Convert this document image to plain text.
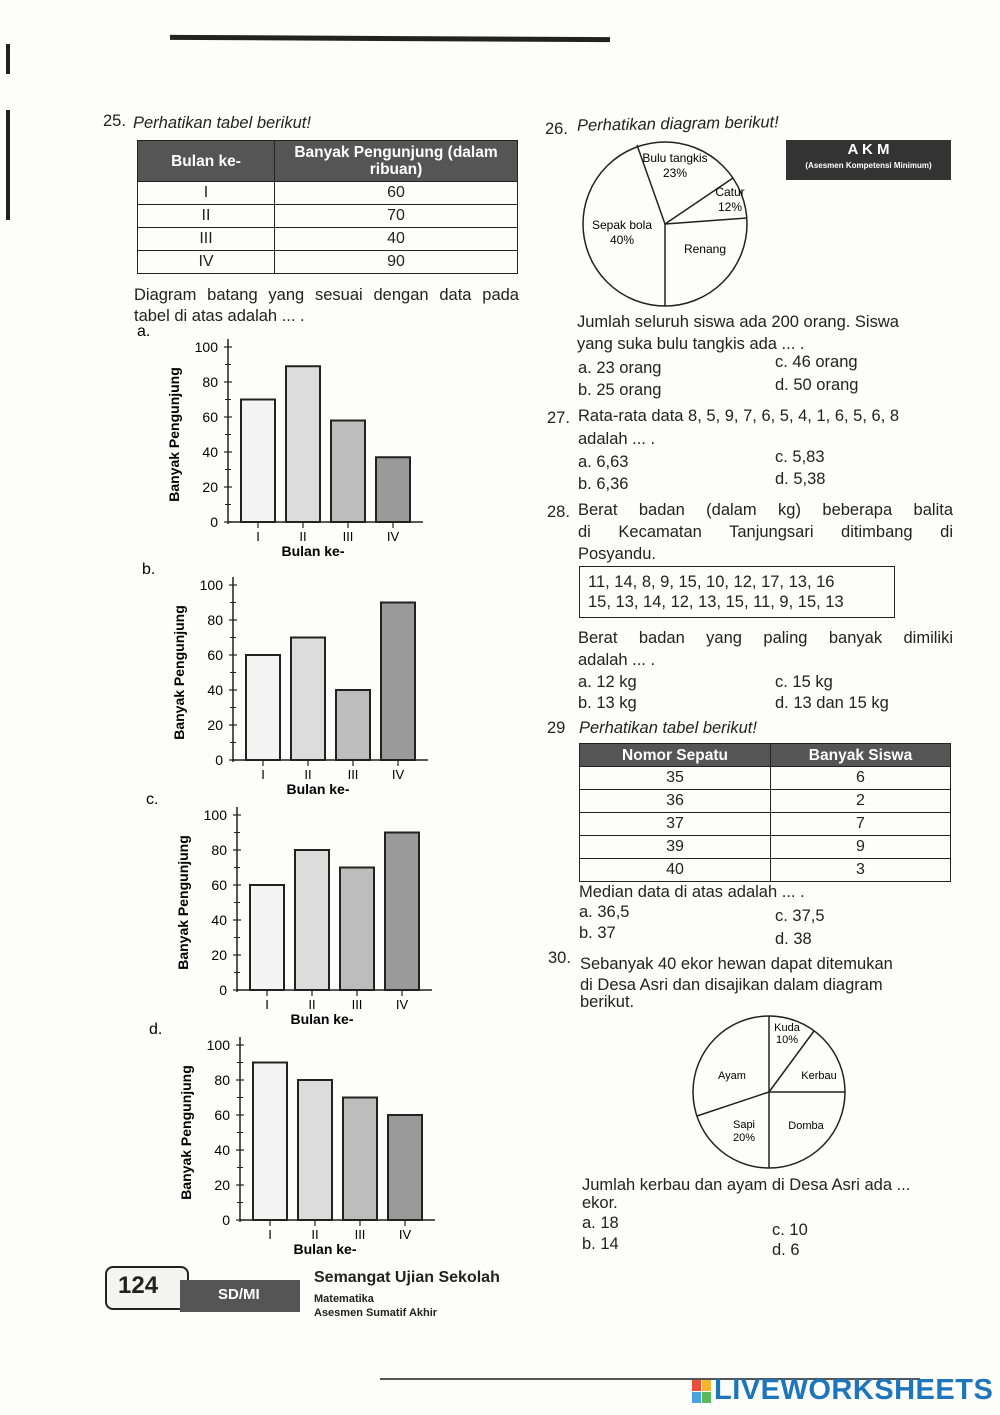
25. Perhatikan tabel berikut!
Bulan ke-	Banyak Pengunjung (dalam ribuan)
I	60
II	70
III	40
IV	90
Diagram batang yang sesuai dengan data pada tabel di atas adalah ... .
a.
Banyak Pengunjung
0
20
40
60
80
100
I	II	III	IV
Bulan ke-
b.
Banyak Pengunjung
0
20
40
60
80
100
I	II	III	IV
Bulan ke-
c.
Banyak Pengunjung
0
20
40
60
80
100
I	II	III	IV
Bulan ke-
d.
Banyak Pengunjung
0
20
40
60
80
100
I	II	III	IV
Bulan ke-
26. Perhatikan diagram berikut!
Bulu tangkis
23%
Catur
12%
Renang
Sepak bola
40%
A K M
(Asesmen Kompetensi Minimum)
Jumlah seluruh siswa ada 200 orang. Siswa
yang suka bulu tangkis ada ... .
a. 23 orang
b. 25 orang
c. 46 orang
d. 50 orang
27. Rata-rata data 8, 5, 9, 7, 6, 5, 4, 1, 6, 5, 6, 8
adalah ... .
a. 6,63
b. 6,36
c. 5,83
d. 5,38
28. Berat badan (dalam kg) beberapa balita
di Kecamatan Tanjungsari ditimbang di
Posyandu.
11, 14, 8, 9, 15, 10, 12, 17, 13, 16
15, 13, 14, 12, 13, 15, 11, 9, 15, 13
Berat badan yang paling banyak dimiliki
adalah ... .
a. 12 kg
b. 13 kg
c. 15 kg
d. 13 dan 15 kg
29 Perhatikan tabel berikut!
Nomor Sepatu	Banyak Siswa
35	6
36	2
37	7
39	9
40	3
Median data di atas adalah ... .
a. 36,5
b. 37
c. 37,5
d. 38
30. Sebanyak 40 ekor hewan dapat ditemukan
di Desa Asri dan disajikan dalam diagram
berikut.
Kuda
10%
Kerbau
Domba
Sapi
20%
Ayam
Jumlah kerbau dan ayam di Desa Asri ada ...
ekor.
a. 18
b. 14
c. 10
d. 6
124	SD/MI
Semangat Ujian Sekolah
Matematika
Asesmen Sumatif Akhir
LIVEWORKSHEETS
